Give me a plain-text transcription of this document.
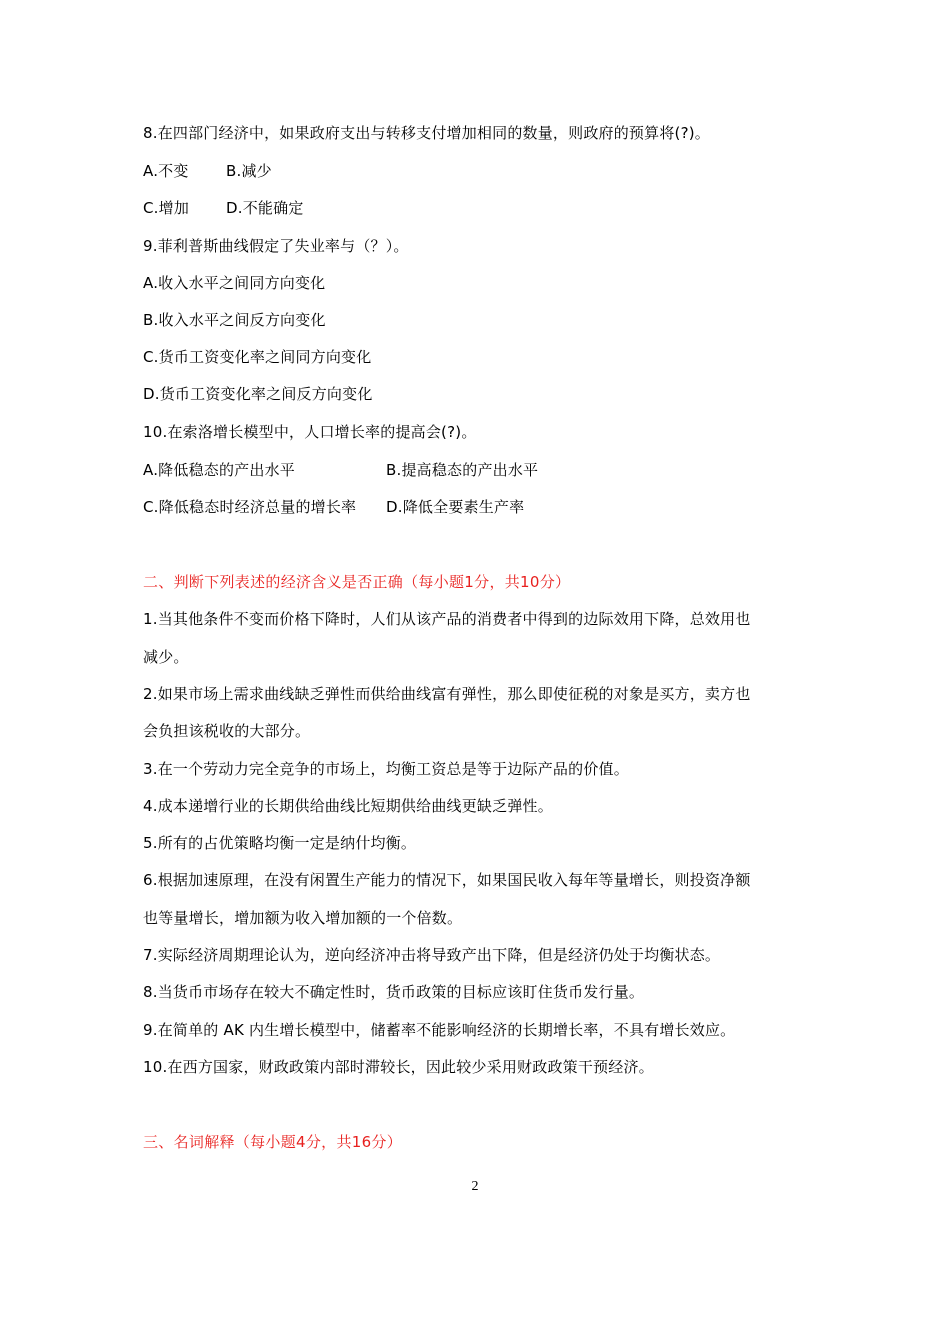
8.在四部门经济中，如果政府支出与转移支付增加相同的数量，则政府的预算将(?)。
A.不变 B.减少
C.增加 D.不能确定
9.菲利普斯曲线假定了失业率与（？）。
A.收入水平之间同方向变化
B.收入水平之间反方向变化
C.货币工资变化率之间同方向变化
D.货币工资变化率之间反方向变化
10.在索洛增长模型中，人口增长率的提高会(?)。
A.降低稳态的产出水平	B.提高稳态的产出水平
C.降低稳态时经济总量的增长率 D.降低全要素生产率
二、判断下列表述的经济含义是否正确（每小题1分，共10分）
1.当其他条件不变而价格下降时，人们从该产品的消费者中得到的边际效用下降，总效用也
减少。
2.如果市场上需求曲线缺乏弹性而供给曲线富有弹性，那么即使征税的对象是买方，卖方也
会负担该税收的大部分。
3.在一个劳动力完全竞争的市场上，均衡工资总是等于边际产品的价值。
4.成本递增行业的长期供给曲线比短期供给曲线更缺乏弹性。
5.所有的占优策略均衡一定是纳什均衡。
6.根据加速原理，在没有闲置生产能力的情况下，如果国民收入每年等量增长，则投资净额
也等量增长，增加额为收入增加额的一个倍数。
7.实际经济周期理论认为，逆向经济冲击将导致产出下降，但是经济仍处于均衡状态。
8.当货币市场存在较大不确定性时，货币政策的目标应该盯住货币发行量。
9.在简单的 AK 内生增长模型中，储蓄率不能影响经济的长期增长率，不具有增长效应。
10.在西方国家，财政政策内部时滞较长，因此较少采用财政政策干预经济。
三、名词解释（每小题4分，共16分）
2
